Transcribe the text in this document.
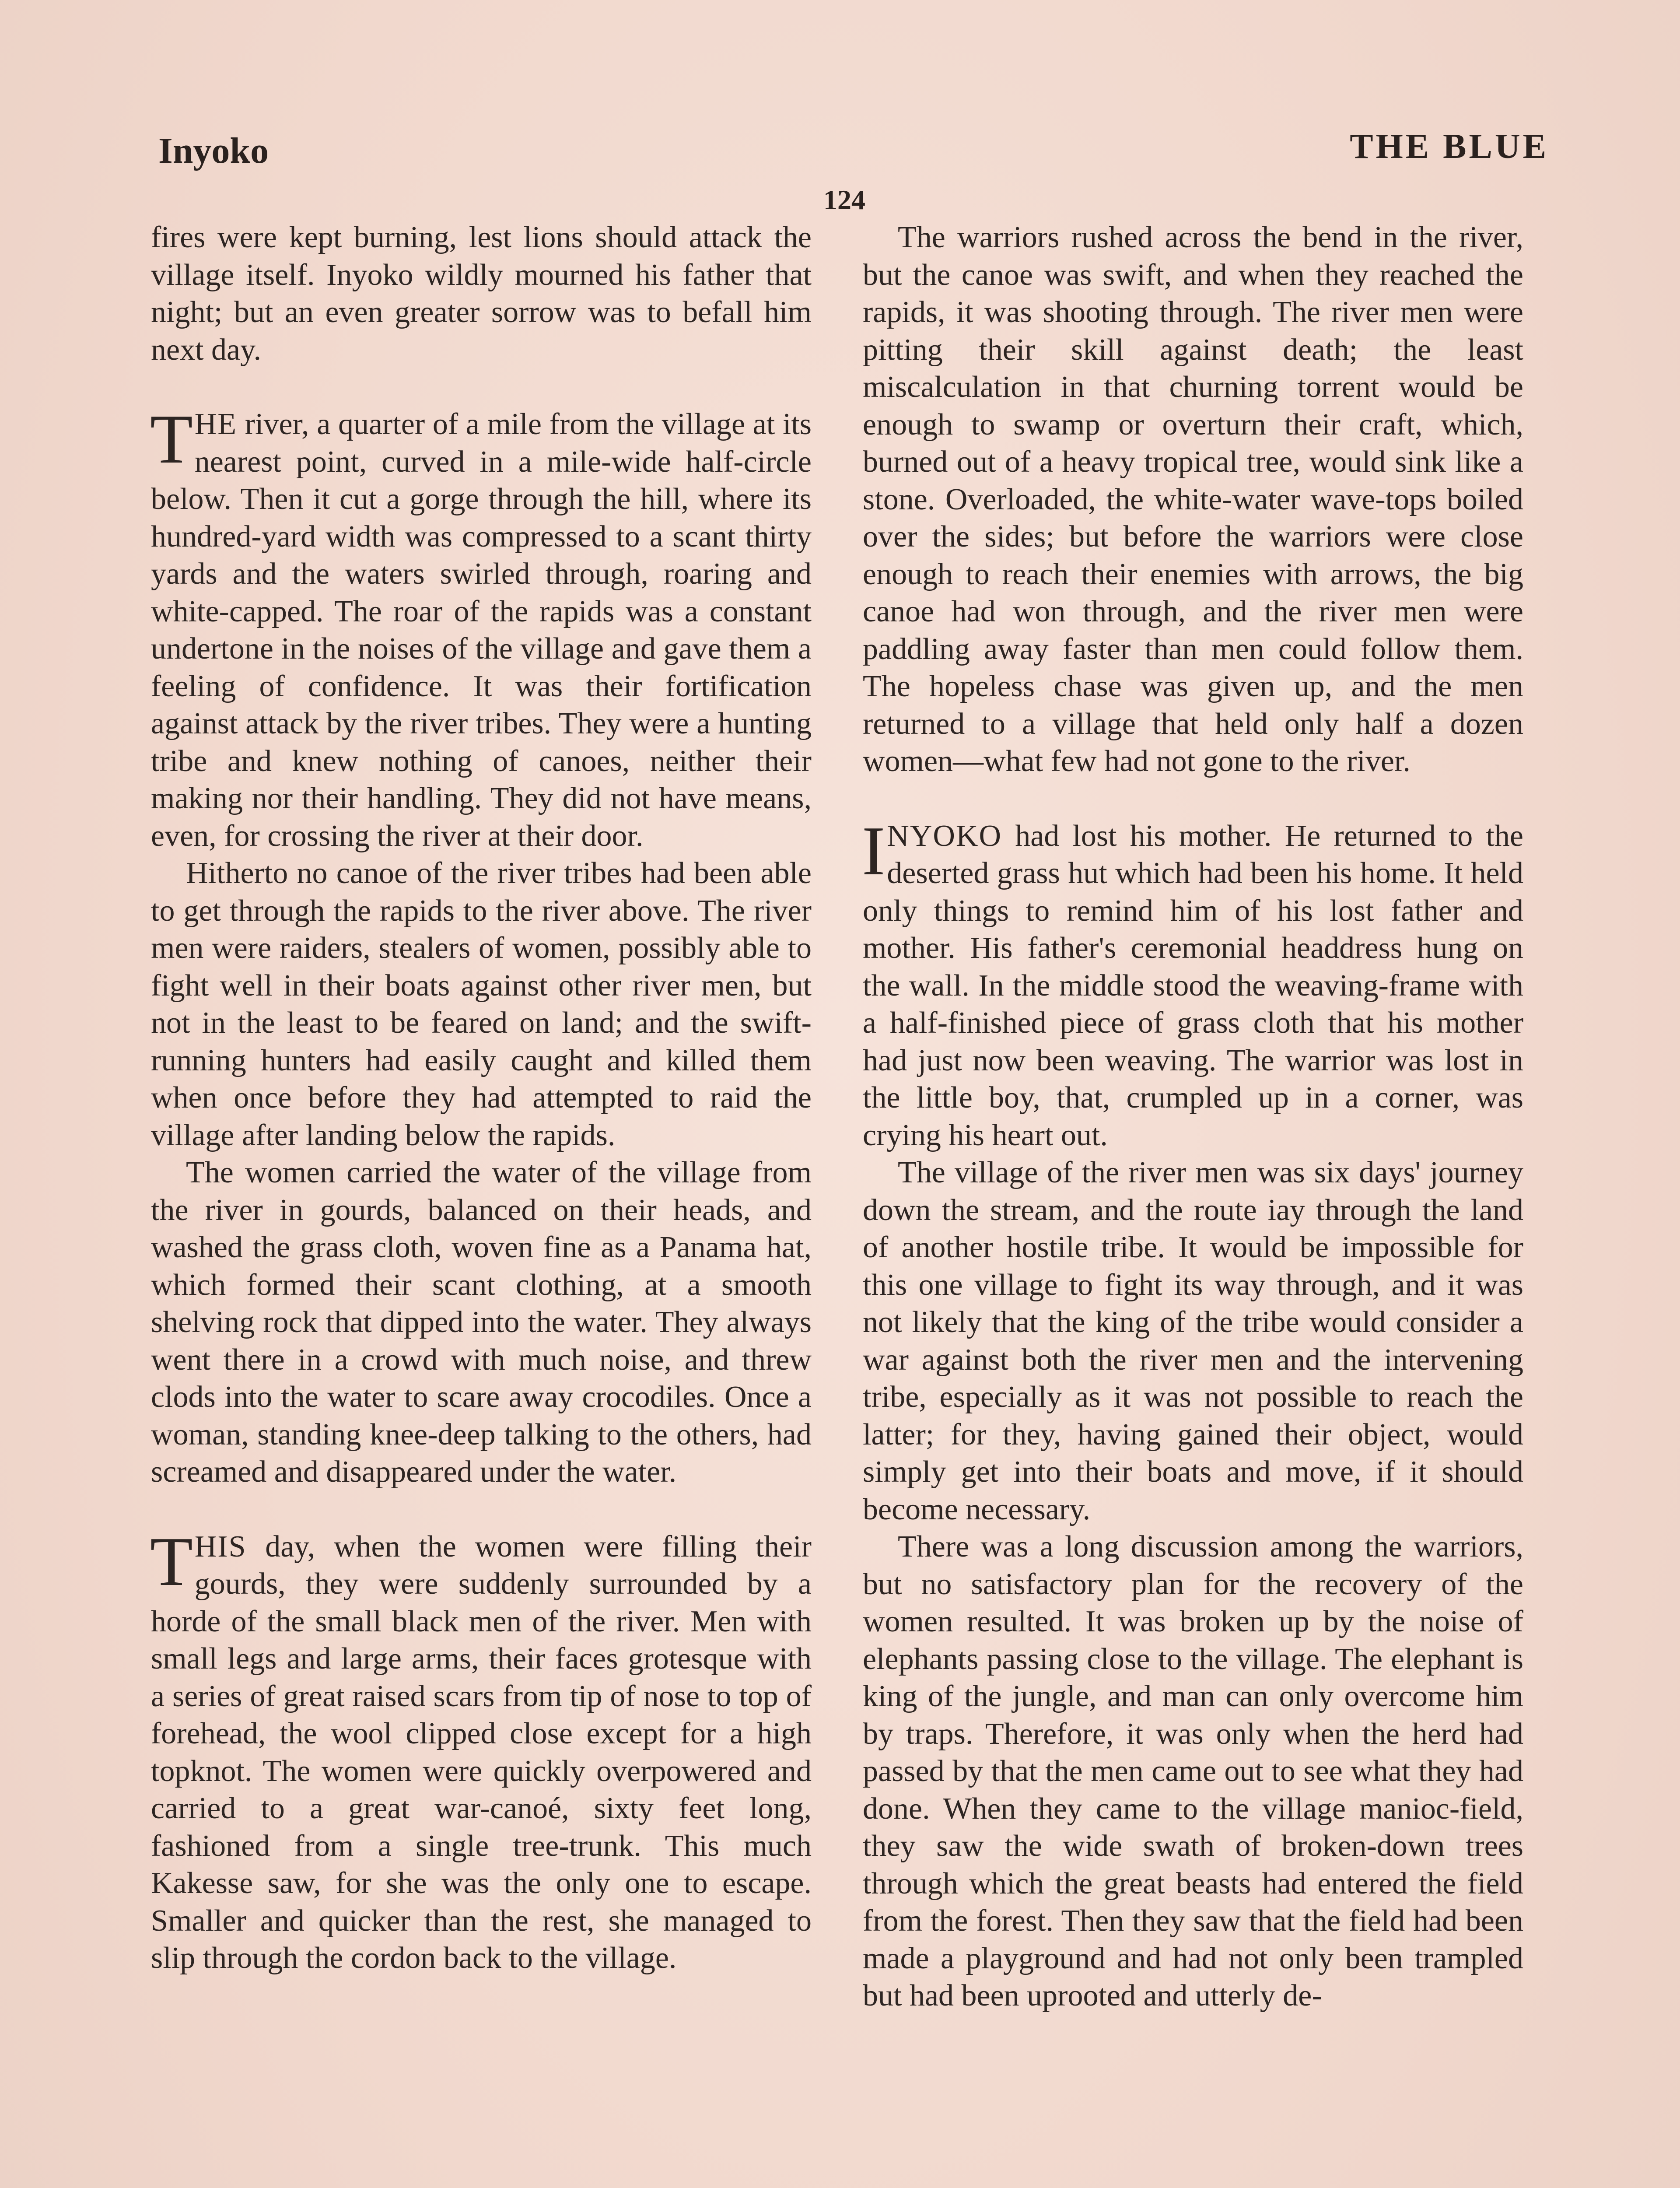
Inyoko	THE BLUE
124

fires were kept burning, lest lions should attack the village itself. Inyoko wildly mourned his father that night; but an even greater sorrow was to befall him next day.

THE river, a quarter of a mile from the village at its nearest point, curved in a mile-wide half-circle below. Then it cut a gorge through the hill, where its hundred-yard width was compressed to a scant thirty yards and the waters swirled through, roaring and white-capped. The roar of the rapids was a constant undertone in the noises of the village and gave them a feeling of confidence. It was their fortification against attack by the river tribes. They were a hunting tribe and knew nothing of canoes, neither their making nor their handling. They did not have means, even, for crossing the river at their door.

Hitherto no canoe of the river tribes had been able to get through the rapids to the river above. The river men were raiders, stealers of women, possibly able to fight well in their boats against other river men, but not in the least to be feared on land; and the swift-running hunters had easily caught and killed them when once before they had attempted to raid the village after landing below the rapids.

The women carried the water of the village from the river in gourds, balanced on their heads, and washed the grass cloth, woven fine as a Panama hat, which formed their scant clothing, at a smooth shelving rock that dipped into the water. They always went there in a crowd with much noise, and threw clods into the water to scare away crocodiles. Once a woman, standing knee-deep talking to the others, had screamed and disappeared under the water.

THIS day, when the women were filling their gourds, they were suddenly surrounded by a horde of the small black men of the river. Men with small legs and large arms, their faces grotesque with a series of great raised scars from tip of nose to top of forehead, the wool clipped close except for a high topknot. The women were quickly overpowered and carried to a great war-canoé, sixty feet long, fashioned from a single tree-trunk. This much Kakesse saw, for she was the only one to escape. Smaller and quicker than the rest, she managed to slip through the cordon back to the village.

The warriors rushed across the bend in the river, but the canoe was swift, and when they reached the rapids, it was shooting through. The river men were pitting their skill against death; the least miscalculation in that churning torrent would be enough to swamp or overturn their craft, which, burned out of a heavy tropical tree, would sink like a stone. Overloaded, the white-water wave-tops boiled over the sides; but before the warriors were close enough to reach their enemies with arrows, the big canoe had won through, and the river men were paddling away faster than men could follow them. The hopeless chase was given up, and the men returned to a village that held only half a dozen women—what few had not gone to the river.

INYOKO had lost his mother. He returned to the deserted grass hut which had been his home. It held only things to remind him of his lost father and mother. His father's ceremonial headdress hung on the wall. In the middle stood the weaving-frame with a half-finished piece of grass cloth that his mother had just now been weaving. The warrior was lost in the little boy, that, crumpled up in a corner, was crying his heart out.

The village of the river men was six days' journey down the stream, and the route iay through the land of another hostile tribe. It would be impossible for this one village to fight its way through, and it was not likely that the king of the tribe would consider a war against both the river men and the intervening tribe, especially as it was not possible to reach the latter; for they, having gained their object, would simply get into their boats and move, if it should become necessary.

There was a long discussion among the warriors, but no satisfactory plan for the recovery of the women resulted. It was broken up by the noise of elephants passing close to the village. The elephant is king of the jungle, and man can only overcome him by traps. Therefore, it was only when the herd had passed by that the men came out to see what they had done. When they came to the village manioc-field, they saw the wide swath of broken-down trees through which the great beasts had entered the field from the forest. Then they saw that the field had been made a playground and had not only been trampled but had been uprooted and utterly de-
